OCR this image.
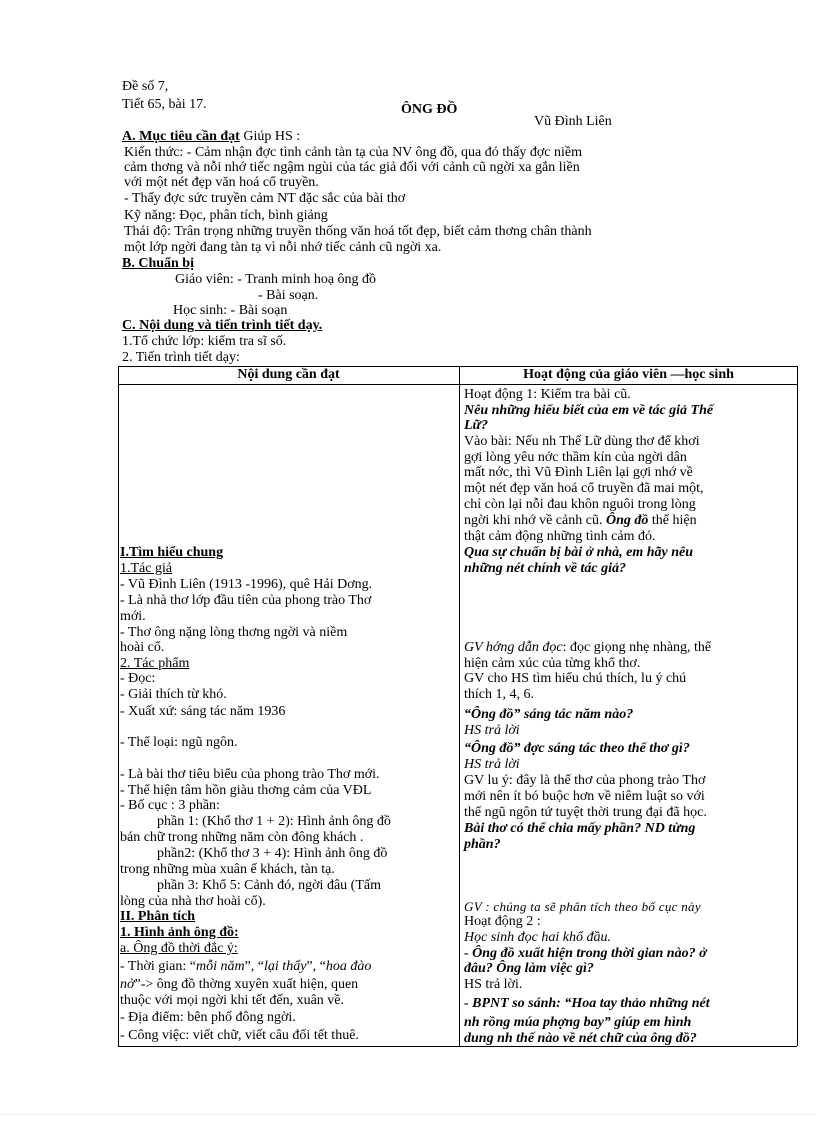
Đề số 7,
Tiết 65, bài 17.	ÔNG ĐỒ
Vũ Đình Liên
A. Mục tiêu cần đạt Giúp HS :
Kiến thức: - Cảm nhận đợc tình cảnh tàn tạ của NV ông đồ, qua đó thấy đợc niềm
cảm thơng và nỗi nhớ tiếc ngậm ngùi của tác giả đối với cảnh cũ ngời xa gắn liền
với một nét đẹp văn hoá cổ truyền.
- Thấy đợc sức truyền cảm NT đặc sắc của bài thơ
Kỹ năng: Đọc, phân tích, bình giảng
Thái độ: Trân trọng những truyền thống văn hoá tốt đẹp, biết cảm thơng chân thành
một lớp ngời đang tàn tạ vì nỗi nhớ tiếc cảnh cũ ngời xa.
B. Chuẩn bị
Giáo viên: - Tranh minh hoạ ông đồ
- Bài soạn.
Học sinh: - Bài soạn
C. Nội dung và tiến trình tiết dạy.
1.Tổ chức lớp: kiểm tra sĩ số.
2. Tiến trình tiết dạy:
Nội dung cần đạt	Hoạt động của giáo viên —học sinh
I.Tìm hiểu chung
1.Tác giả
- Vũ Đình Liên (1913 -1996), quê Hải Dơng.
- Là nhà thơ lớp đầu tiên của phong trào Thơ
mới.
- Thơ ông nặng lòng thơng ngời và niềm
hoài cổ.
2. Tác phẩm
- Đọc:
- Giải thích từ khó.
- Xuất xứ: sáng tác năm 1936
- Thể loại: ngũ ngôn.
- Là bài thơ tiêu biểu của phong trào Thơ mới.
- Thể hiện tâm hồn giàu thơng cảm của VĐL
- Bố cục : 3 phần:
phần 1: (Khổ thơ 1 + 2): Hình ảnh ông đồ
bán chữ trong những năm còn đông khách .
phần2: (Khổ thơ 3 + 4): Hình ảnh ông đồ
trong những mùa xuân ế khách, tàn tạ.
phần 3: Khổ 5: Cảnh đó, ngời đâu (Tấm
lòng của nhà thơ hoài cổ).
II. Phân tích
1. Hình ảnh ông đồ:
a. Ông đồ thời đắc ý:
- Thời gian: “mỗi năm”, “lại thấy”, “hoa đào
nở”-> ông đồ thờng xuyên xuất hiện, quen
thuộc với mọi ngời khi tết đến, xuân về.
- Địa điểm: bên phố đông ngời.
- Công việc: viết chữ, viết câu đối tết thuê.
Hoạt động 1: Kiểm tra bài cũ.
Nêu những hiểu biết của em về tác giả Thế
Lữ?
Vào bài: Nếu nh Thế Lữ dùng thơ để khơi
gợi lòng yêu nớc thầm kín của ngời dân
mất nớc, thì Vũ Đình Liên lại gợi nhớ về
một nét đẹp văn hoá cổ truyền đã mai một,
chỉ còn lại nỗi đau khôn nguôi trong lòng
ngời khi nhớ về cảnh cũ. Ông đồ thể hiện
thật cảm động những tình cảm đó.
Qua sự chuẩn bị bài ở nhà, em hãy nêu
những nét chính về tác giả?
GV hớng dẫn đọc: đọc giọng nhẹ nhàng, thể
hiện cảm xúc của từng khổ thơ.
GV cho HS tìm hiểu chú thích, lu ý chú
thích 1, 4, 6.
“Ông đồ” sáng tác năm nào?
HS trả lời
“Ông đồ” đợc sáng tác theo thể thơ gì?
HS trả lời
GV lu ý: đây là thể thơ của phong trào Thơ
mới nên ít bó buộc hơn về niêm luật so với
thể ngũ ngôn tứ tuyệt thời trung đại đã học.
Bài thơ có thể chia mấy phần? ND từng
phần?
GV : chúng ta sẽ phân tích theo bố cục này
Hoạt động 2 :
Học sinh đọc hai khổ đầu.
- Ông đồ xuất hiện trong thời gian nào? ở
đâu? Ông làm việc gì?
HS trả lời.
- BPNT so sánh: “Hoa tay thảo những nét
nh rồng múa phợng bay” giúp em hình
dung nh thế nào về nét chữ của ông đồ?
